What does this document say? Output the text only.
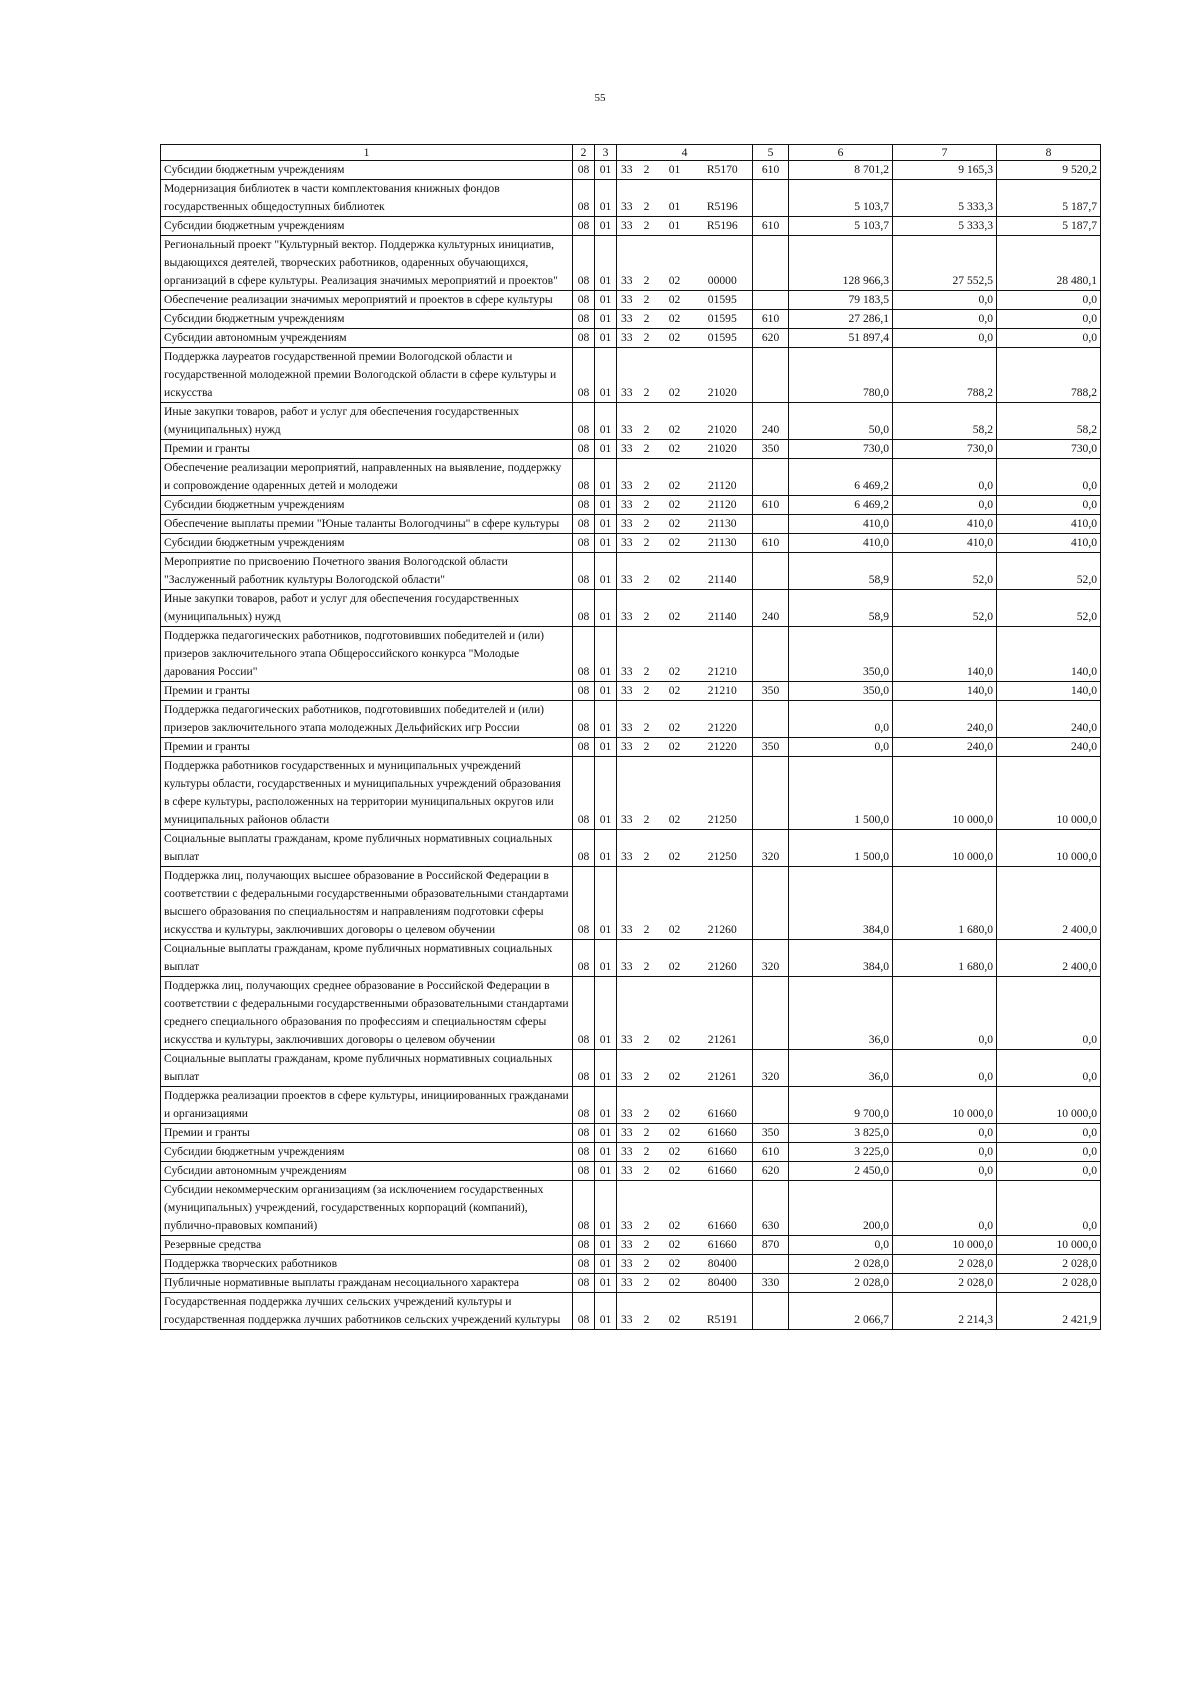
55
1	2	3	4				5	6	7	8
Субсидии бюджетным учреждениям	08	01	33	2	01	R5170	610	8 701,2	9 165,3	9 520,2
Модернизация библиотек в части комплектования книжных фондов государственных общедоступных библиотек	08	01	33	2	01	R5196		5 103,7	5 333,3	5 187,7
Субсидии бюджетным учреждениям	08	01	33	2	01	R5196	610	5 103,7	5 333,3	5 187,7
Региональный проект "Культурный вектор. Поддержка культурных инициатив, выдающихся деятелей, творческих работников, одаренных обучающихся, организаций в сфере культуры. Реализация значимых мероприятий и проектов"	08	01	33	2	02	00000		128 966,3	27 552,5	28 480,1
Обеспечение реализации значимых мероприятий и проектов в сфере культуры	08	01	33	2	02	01595		79 183,5	0,0	0,0
Субсидии бюджетным учреждениям	08	01	33	2	02	01595	610	27 286,1	0,0	0,0
Субсидии автономным учреждениям	08	01	33	2	02	01595	620	51 897,4	0,0	0,0
Поддержка лауреатов государственной премии Вологодской области и государственной молодежной премии Вологодской области в сфере культуры и искусства	08	01	33	2	02	21020		780,0	788,2	788,2
Иные закупки товаров, работ и услуг для обеспечения государственных (муниципальных) нужд	08	01	33	2	02	21020	240	50,0	58,2	58,2
Премии и гранты	08	01	33	2	02	21020	350	730,0	730,0	730,0
Обеспечение реализации мероприятий, направленных на выявление, поддержку и сопровождение одаренных детей и молодежи	08	01	33	2	02	21120		6 469,2	0,0	0,0
Субсидии бюджетным учреждениям	08	01	33	2	02	21120	610	6 469,2	0,0	0,0
Обеспечение выплаты премии "Юные таланты Вологодчины" в сфере культуры	08	01	33	2	02	21130		410,0	410,0	410,0
Субсидии бюджетным учреждениям	08	01	33	2	02	21130	610	410,0	410,0	410,0
Мероприятие по присвоению Почетного звания Вологодской области "Заслуженный работник культуры Вологодской области"	08	01	33	2	02	21140		58,9	52,0	52,0
Иные закупки товаров, работ и услуг для обеспечения государственных (муниципальных) нужд	08	01	33	2	02	21140	240	58,9	52,0	52,0
Поддержка педагогических работников, подготовивших победителей и (или) призеров заключительного этапа Общероссийского конкурса "Молодые дарования России"	08	01	33	2	02	21210		350,0	140,0	140,0
Премии и гранты	08	01	33	2	02	21210	350	350,0	140,0	140,0
Поддержка педагогических работников, подготовивших победителей и (или) призеров заключительного этапа молодежных Дельфийских игр России	08	01	33	2	02	21220		0,0	240,0	240,0
Премии и гранты	08	01	33	2	02	21220	350	0,0	240,0	240,0
Поддержка работников государственных и муниципальных учреждений культуры области, государственных и муниципальных учреждений образования в сфере культуры, расположенных на территории муниципальных округов или муниципальных районов области	08	01	33	2	02	21250		1 500,0	10 000,0	10 000,0
Социальные выплаты гражданам, кроме публичных нормативных социальных выплат	08	01	33	2	02	21250	320	1 500,0	10 000,0	10 000,0
Поддержка лиц, получающих высшее образование в Российской Федерации в соответствии с федеральными государственными образовательными стандартами высшего образования по специальностям и направлениям подготовки сферы искусства и культуры, заключивших договоры о целевом обучении	08	01	33	2	02	21260		384,0	1 680,0	2 400,0
Социальные выплаты гражданам, кроме публичных нормативных социальных выплат	08	01	33	2	02	21260	320	384,0	1 680,0	2 400,0
Поддержка лиц, получающих среднее образование в Российской Федерации в соответствии с федеральными государственными образовательными стандартами среднего специального образования по профессиям и специальностям сферы искусства и культуры, заключивших договоры о целевом обучении	08	01	33	2	02	21261		36,0	0,0	0,0
Социальные выплаты гражданам, кроме публичных нормативных социальных выплат	08	01	33	2	02	21261	320	36,0	0,0	0,0
Поддержка реализации проектов в сфере культуры, инициированных гражданами и организациями	08	01	33	2	02	61660		9 700,0	10 000,0	10 000,0
Премии и гранты	08	01	33	2	02	61660	350	3 825,0	0,0	0,0
Субсидии бюджетным учреждениям	08	01	33	2	02	61660	610	3 225,0	0,0	0,0
Субсидии автономным учреждениям	08	01	33	2	02	61660	620	2 450,0	0,0	0,0
Субсидии некоммерческим организациям (за исключением государственных (муниципальных) учреждений, государственных корпораций (компаний), публично-правовых компаний)	08	01	33	2	02	61660	630	200,0	0,0	0,0
Резервные средства	08	01	33	2	02	61660	870	0,0	10 000,0	10 000,0
Поддержка творческих работников	08	01	33	2	02	80400		2 028,0	2 028,0	2 028,0
Публичные нормативные выплаты гражданам несоциального характера	08	01	33	2	02	80400	330	2 028,0	2 028,0	2 028,0
Государственная поддержка лучших сельских учреждений культуры и государственная поддержка лучших работников сельских учреждений культуры	08	01	33	2	02	R5191		2 066,7	2 214,3	2 421,9
